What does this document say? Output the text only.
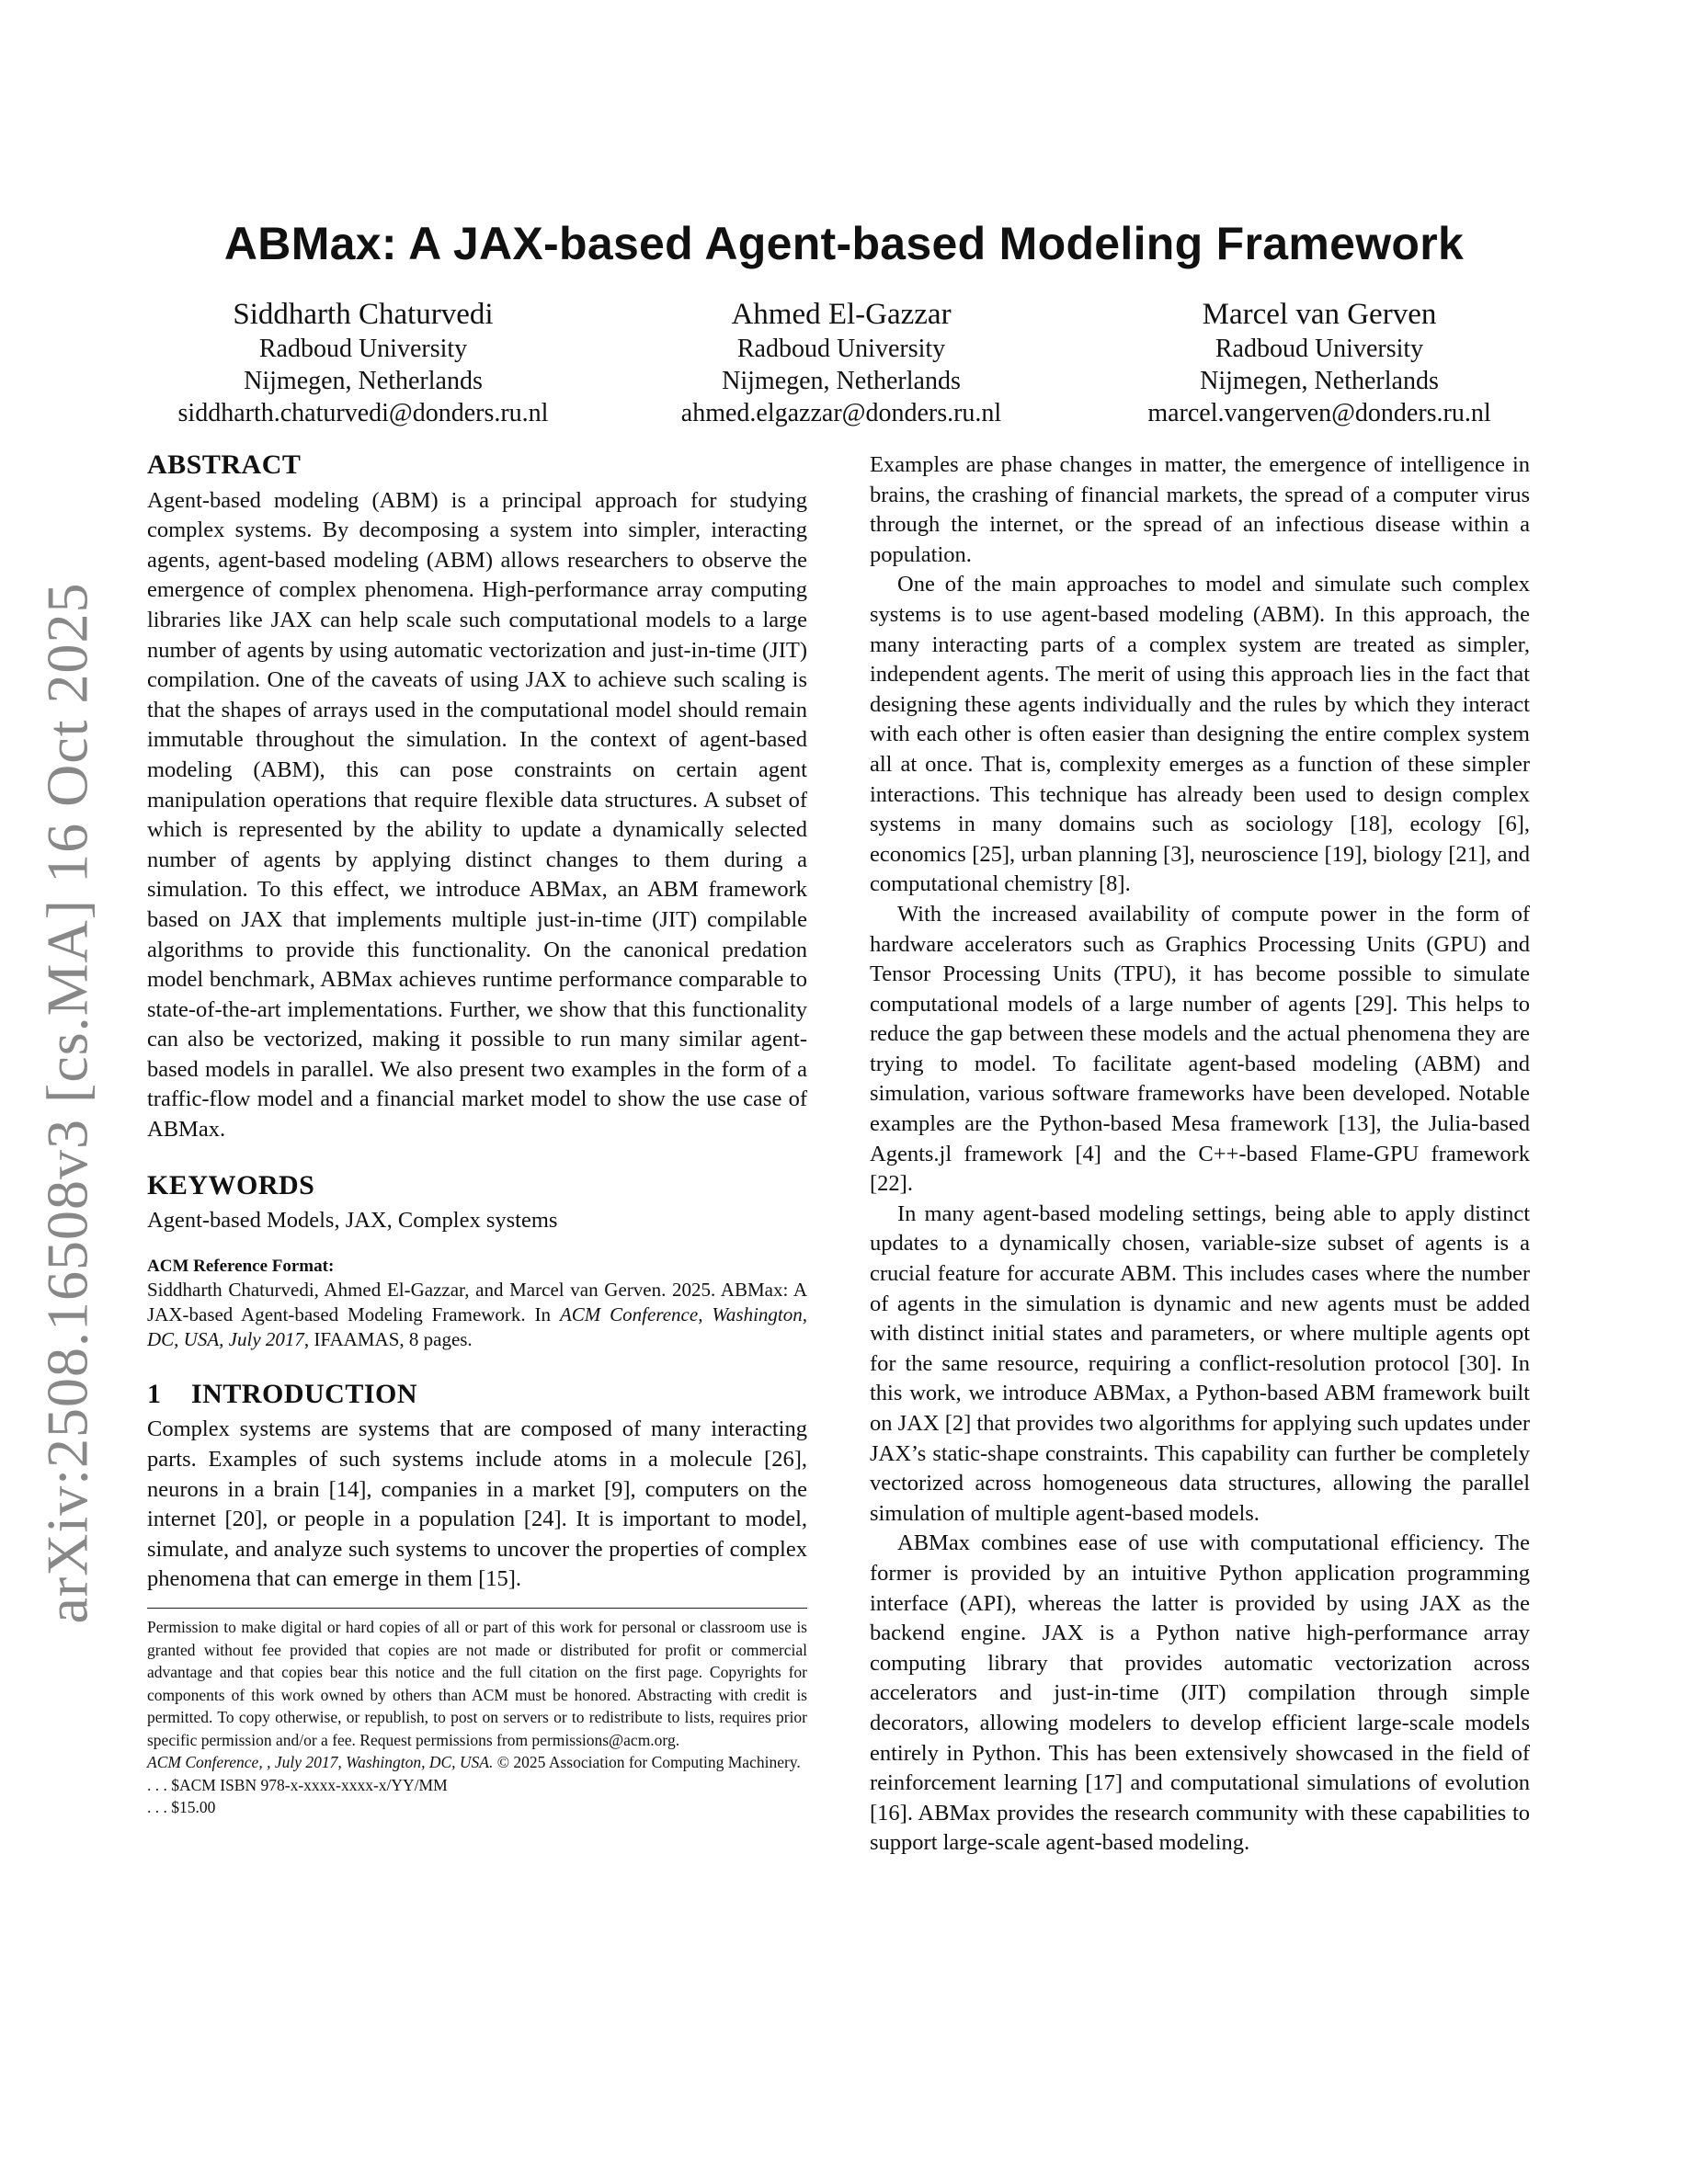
arXiv:2508.16508v3 [cs.MA] 16 Oct 2025
ABMax: A JAX-based Agent-based Modeling Framework
Siddharth Chaturvedi
Radboud University
Nijmegen, Netherlands
siddharth.chaturvedi@donders.ru.nl
Ahmed El-Gazzar
Radboud University
Nijmegen, Netherlands
ahmed.elgazzar@donders.ru.nl
Marcel van Gerven
Radboud University
Nijmegen, Netherlands
marcel.vangerven@donders.ru.nl
ABSTRACT

Agent-based modeling (ABM) is a principal approach for studying complex systems. By decomposing a system into simpler, interacting agents, agent-based modeling (ABM) allows researchers to observe the emergence of complex phenomena. High-performance array computing libraries like JAX can help scale such computational models to a large number of agents by using automatic vectorization and just-in-time (JIT) compilation. One of the caveats of using JAX to achieve such scaling is that the shapes of arrays used in the computational model should remain immutable throughout the simulation. In the context of agent-based modeling (ABM), this can pose constraints on certain agent manipulation operations that require flexible data structures. A subset of which is represented by the ability to update a dynamically selected number of agents by applying distinct changes to them during a simulation. To this effect, we introduce ABMax, an ABM framework based on JAX that implements multiple just-in-time (JIT) compilable algorithms to provide this functionality. On the canonical predation model benchmark, ABMax achieves runtime performance comparable to state-of-the-art implementations. Further, we show that this functionality can also be vectorized, making it possible to run many similar agent-based models in parallel. We also present two examples in the form of a traffic-flow model and a financial market model to show the use case of ABMax.

KEYWORDS

Agent-based Models, JAX, Complex systems

ACM Reference Format:

Siddharth Chaturvedi, Ahmed El-Gazzar, and Marcel van Gerven. 2025. ABMax: A JAX-based Agent-based Modeling Framework. In ACM Conference, Washington, DC, USA, July 2017, IFAAMAS, 8 pages.

1 INTRODUCTION

Complex systems are systems that are composed of many interacting parts. Examples of such systems include atoms in a molecule [26], neurons in a brain [14], companies in a market [9], computers on the internet [20], or people in a population [24]. It is important to model, simulate, and analyze such systems to uncover the properties of complex phenomena that can emerge in them [15].

Permission to make digital or hard copies of all or part of this work for personal or classroom use is granted without fee provided that copies are not made or distributed for profit or commercial advantage and that copies bear this notice and the full citation on the first page. Copyrights for components of this work owned by others than ACM must be honored. Abstracting with credit is permitted. To copy otherwise, or republish, to post on servers or to redistribute to lists, requires prior specific permission and/or a fee. Request permissions from permissions@acm.org.

ACM Conference, , July 2017, Washington, DC, USA. © 2025 Association for Computing Machinery. . . . $ACM ISBN 978-x-xxxx-xxxx-x/YY/MM
. . . $15.00

Examples are phase changes in matter, the emergence of intelligence in brains, the crashing of financial markets, the spread of a computer virus through the internet, or the spread of an infectious disease within a population.

One of the main approaches to model and simulate such complex systems is to use agent-based modeling (ABM). In this approach, the many interacting parts of a complex system are treated as simpler, independent agents. The merit of using this approach lies in the fact that designing these agents individually and the rules by which they interact with each other is often easier than designing the entire complex system all at once. That is, complexity emerges as a function of these simpler interactions. This technique has already been used to design complex systems in many domains such as sociology [18], ecology [6], economics [25], urban planning [3], neuroscience [19], biology [21], and computational chemistry [8].

With the increased availability of compute power in the form of hardware accelerators such as Graphics Processing Units (GPU) and Tensor Processing Units (TPU), it has become possible to simulate computational models of a large number of agents [29]. This helps to reduce the gap between these models and the actual phenomena they are trying to model. To facilitate agent-based modeling (ABM) and simulation, various software frameworks have been developed. Notable examples are the Python-based Mesa framework [13], the Julia-based Agents.jl framework [4] and the C++-based Flame-GPU framework [22].

In many agent-based modeling settings, being able to apply distinct updates to a dynamically chosen, variable-size subset of agents is a crucial feature for accurate ABM. This includes cases where the number of agents in the simulation is dynamic and new agents must be added with distinct initial states and parameters, or where multiple agents opt for the same resource, requiring a conflict-resolution protocol [30]. In this work, we introduce ABMax, a Python-based ABM framework built on JAX [2] that provides two algorithms for applying such updates under JAX’s static-shape constraints. This capability can further be completely vectorized across homogeneous data structures, allowing the parallel simulation of multiple agent-based models.

ABMax combines ease of use with computational efficiency. The former is provided by an intuitive Python application programming interface (API), whereas the latter is provided by using JAX as the backend engine. JAX is a Python native high-performance array computing library that provides automatic vectorization across accelerators and just-in-time (JIT) compilation through simple decorators, allowing modelers to develop efficient large-scale models entirely in Python. This has been extensively showcased in the field of reinforcement learning [17] and computational simulations of evolution [16]. ABMax provides the research community with these capabilities to support large-scale agent-based modeling.
